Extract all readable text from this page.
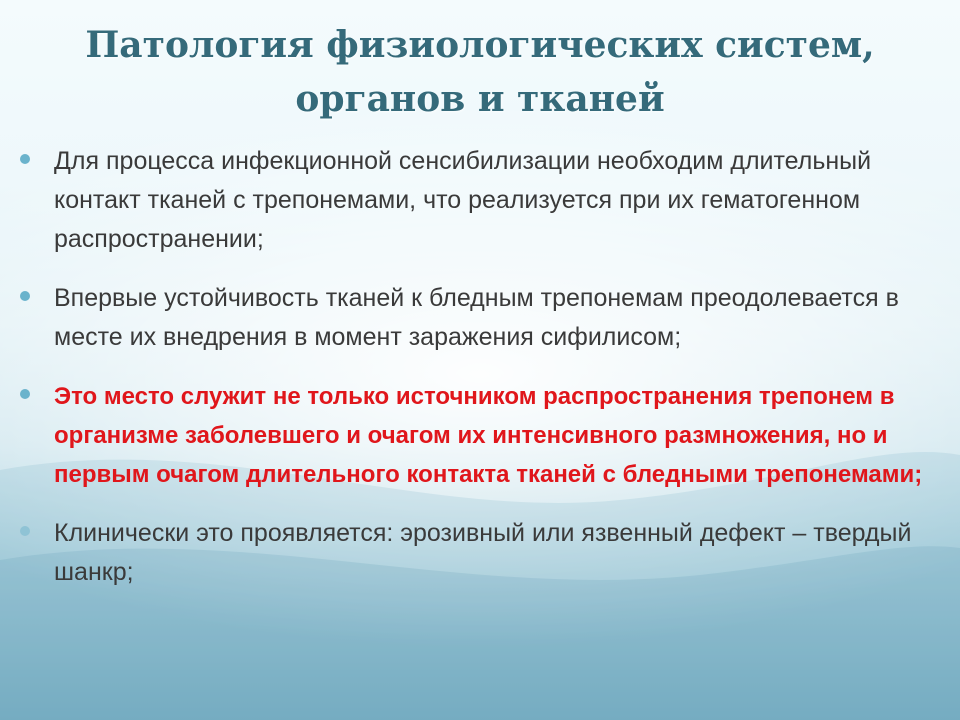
Патология физиологических систем,
органов и тканей
Для процесса инфекционной сенсибилизации необходим длительный контакт тканей с трепонемами, что реализуется при их гематогенном распространении;
Впервые устойчивость тканей к бледным трепонемам преодолевается в месте их внедрения в момент заражения сифилисом;
Это место служит не только источником распространения трепонем в организме заболевшего и очагом их интенсивного размножения, но и первым очагом длительного контакта тканей с бледными трепонемами;
Клинически это проявляется: эрозивный или язвенный дефект – твердый шанкр;
